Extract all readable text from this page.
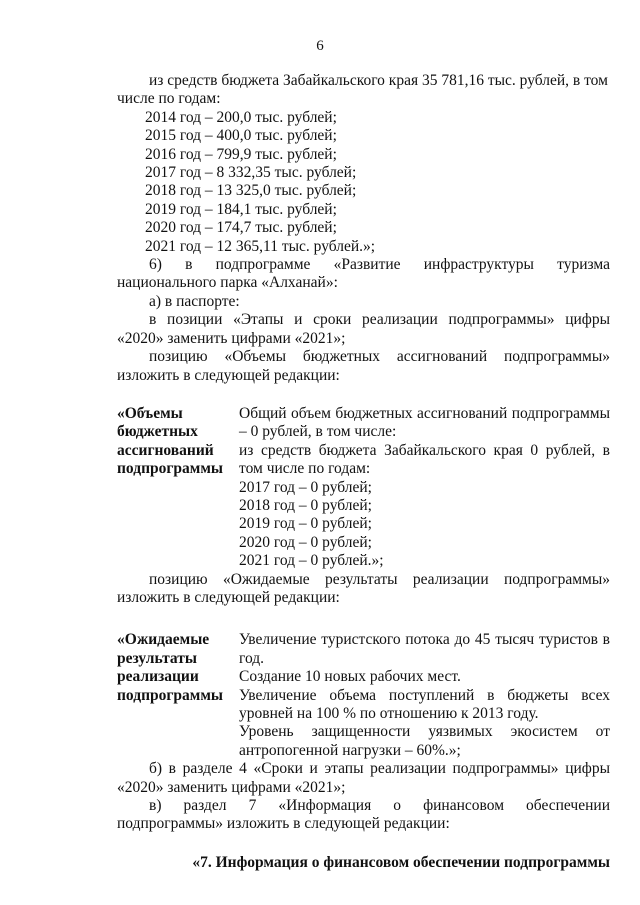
6

из средств бюджета Забайкальского края 35 781,16 тыс. рублей, в том

числе по годам:

2014 год – 200,0 тыс. рублей;

2015 год – 400,0 тыс. рублей;

2016 год – 799,9 тыс. рублей;

2017 год – 8 332,35 тыс. рублей;

2018 год – 13 325,0 тыс. рублей;

2019 год – 184,1 тыс. рублей;

2020 год – 174,7 тыс. рублей;

2021 год – 12 365,11 тыс. рублей.»;

6) в подпрограмме «Развитие инфраструктуры туризма национального парка «Алханай»:

а) в паспорте:

в позиции «Этапы и сроки реализации подпрограммы» цифры «2020» заменить цифрами «2021»;

позицию «Объемы бюджетных ассигнований подпрограммы» изложить в следующей редакции:

«Объемы
бюджетных
ассигнований
подпрограммы

Общий объем бюджетных ассигнований подпрограммы – 0 рублей, в том числе:

из средств бюджета Забайкальского края 0 рублей, в том числе по годам:

2017 год – 0 рублей;

2018 год – 0 рублей;

2019 год – 0 рублей;

2020 год – 0 рублей;

2021 год – 0 рублей.»;

позицию «Ожидаемые результаты реализации подпрограммы» изложить в следующей редакции:

«Ожидаемые
результаты
реализации
подпрограммы

Увеличение туристского потока до 45 тысяч туристов в год.

Создание 10 новых рабочих мест.

Увеличение объема поступлений в бюджеты всех уровней на 100 % по отношению к 2013 году.

Уровень защищенности уязвимых экосистем от антропогенной нагрузки – 60%.»;

б) в разделе 4 «Сроки и этапы реализации подпрограммы» цифры «2020» заменить цифрами «2021»;

в) раздел 7 «Информация о финансовом обеспечении подпрограммы» изложить в следующей редакции:

«7. Информация о финансовом обеспечении подпрограммы
